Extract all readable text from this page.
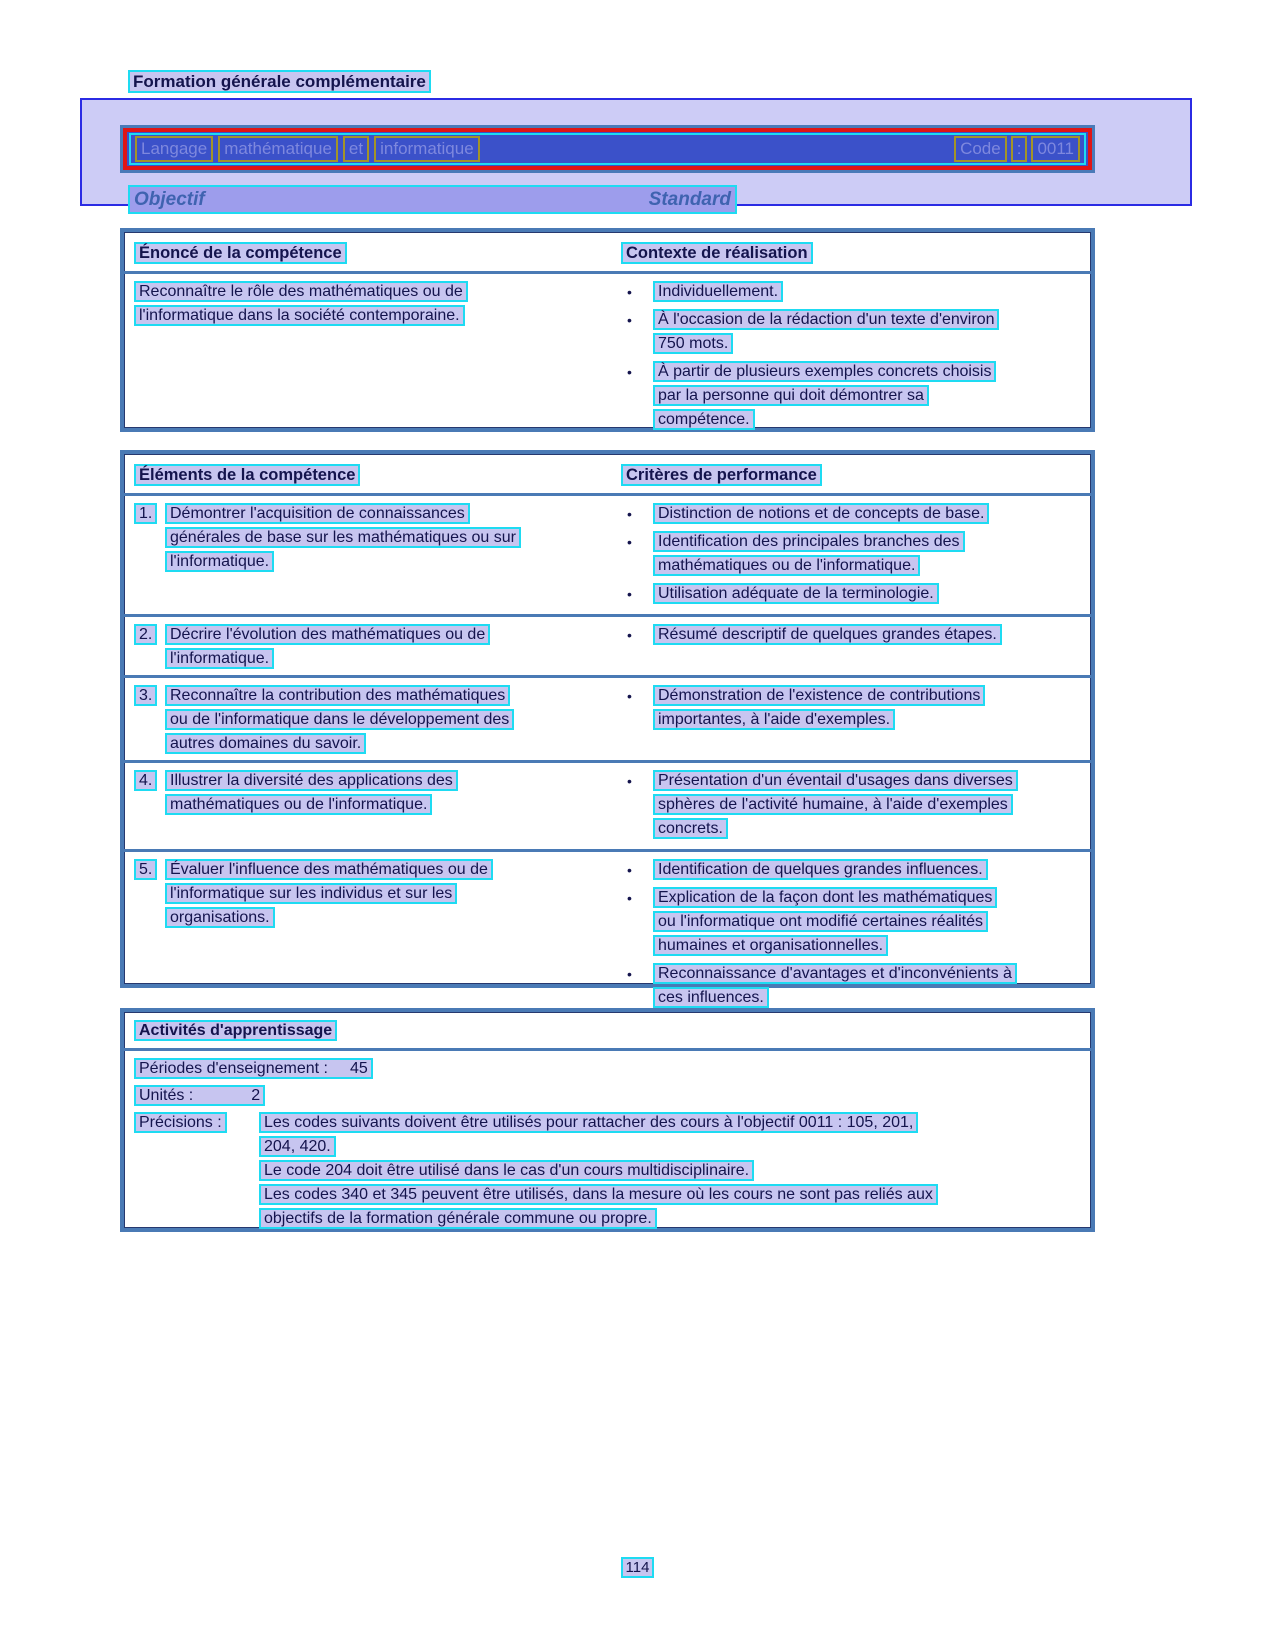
Formation générale complémentaire
Langage	mathématique	et	informatique	Code : 0011
Objectif	Standard
Énoncé de la compétence	Contexte de réalisation
Reconnaître le rôle des mathématiques ou de
l'informatique dans la société contemporaine.
•	Individuellement.
•	À l'occasion de la rédaction d'un texte d'environ
750 mots.
•	À partir de plusieurs exemples concrets choisis
par la personne qui doit démontrer sa
compétence.
Éléments de la compétence	Critères de performance
1.	Démontrer l'acquisition de connaissances
générales de base sur les mathématiques ou sur
l'informatique.
•	Distinction de notions et de concepts de base.
•	Identification des principales branches des
mathématiques ou de l'informatique.
•	Utilisation adéquate de la terminologie.
2.	Décrire l'évolution des mathématiques ou de
l'informatique.
•	Résumé descriptif de quelques grandes étapes.
3.	Reconnaître la contribution des mathématiques
ou de l'informatique dans le développement des
autres domaines du savoir.
•	Démonstration de l'existence de contributions
importantes, à l'aide d'exemples.
4.	Illustrer la diversité des applications des
mathématiques ou de l'informatique.
•	Présentation d'un éventail d'usages dans diverses
sphères de l'activité humaine, à l'aide d'exemples
concrets.
5.	Évaluer l'influence des mathématiques ou de
l'informatique sur les individus et sur les
organisations.
•	Identification de quelques grandes influences.
•	Explication de la façon dont les mathématiques
ou l'informatique ont modifié certaines réalités
humaines et organisationnelles.
•	Reconnaissance d'avantages et d'inconvénients à
ces influences.
Activités d'apprentissage
Périodes d'enseignement : 45
Unités :	2
Précisions :	Les codes suivants doivent être utilisés pour rattacher des cours à l'objectif 0011 : 105, 201,
204, 420.
Le code 204 doit être utilisé dans le cas d'un cours multidisciplinaire.
Les codes 340 et 345 peuvent être utilisés, dans la mesure où les cours ne sont pas reliés aux
objectifs de la formation générale commune ou propre.
114
